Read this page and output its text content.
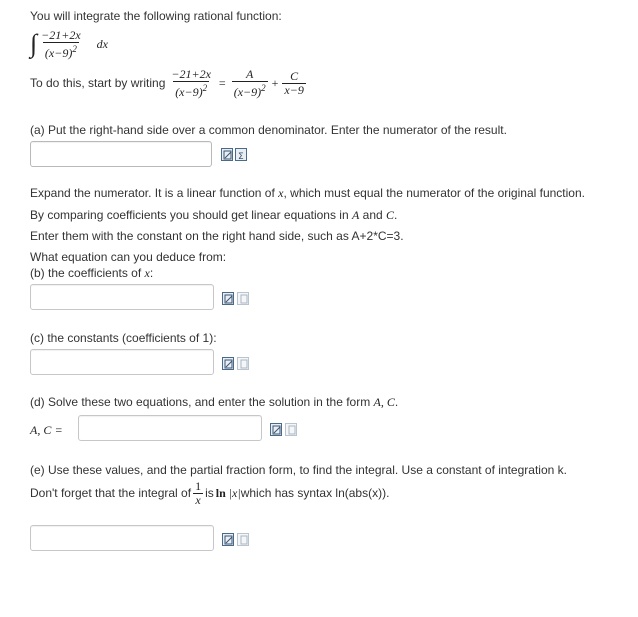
You will integrate the following rational function:
∫ $\frac{-21+2x}{(x-9)^2}$ dx
To do this, start by writing $\frac{-21+2x}{(x-9)^2} = \frac{A}{(x-9)^2} + \frac{C}{x-9}$
(a) Put the right-hand side over a common denominator. Enter the numerator of the result.
Σ
Expand the numerator. It is a linear function of x, which must equal the numerator of the original function.
By comparing coefficients you should get linear equations in A and C.
Enter them with the constant on the right hand side, such as A+2*C=3.
What equation can you deduce from:
(b) the coefficients of x:
(c) the constants (coefficients of 1):
(d) Solve these two equations, and enter the solution in the form A, C.
A, C =
(e) Use these values, and the partial fraction form, to find the integral. Use a constant of integration k.
Don't forget that the integral of $\frac{1}{x}$ is ln |x| which has syntax ln(abs(x)).
